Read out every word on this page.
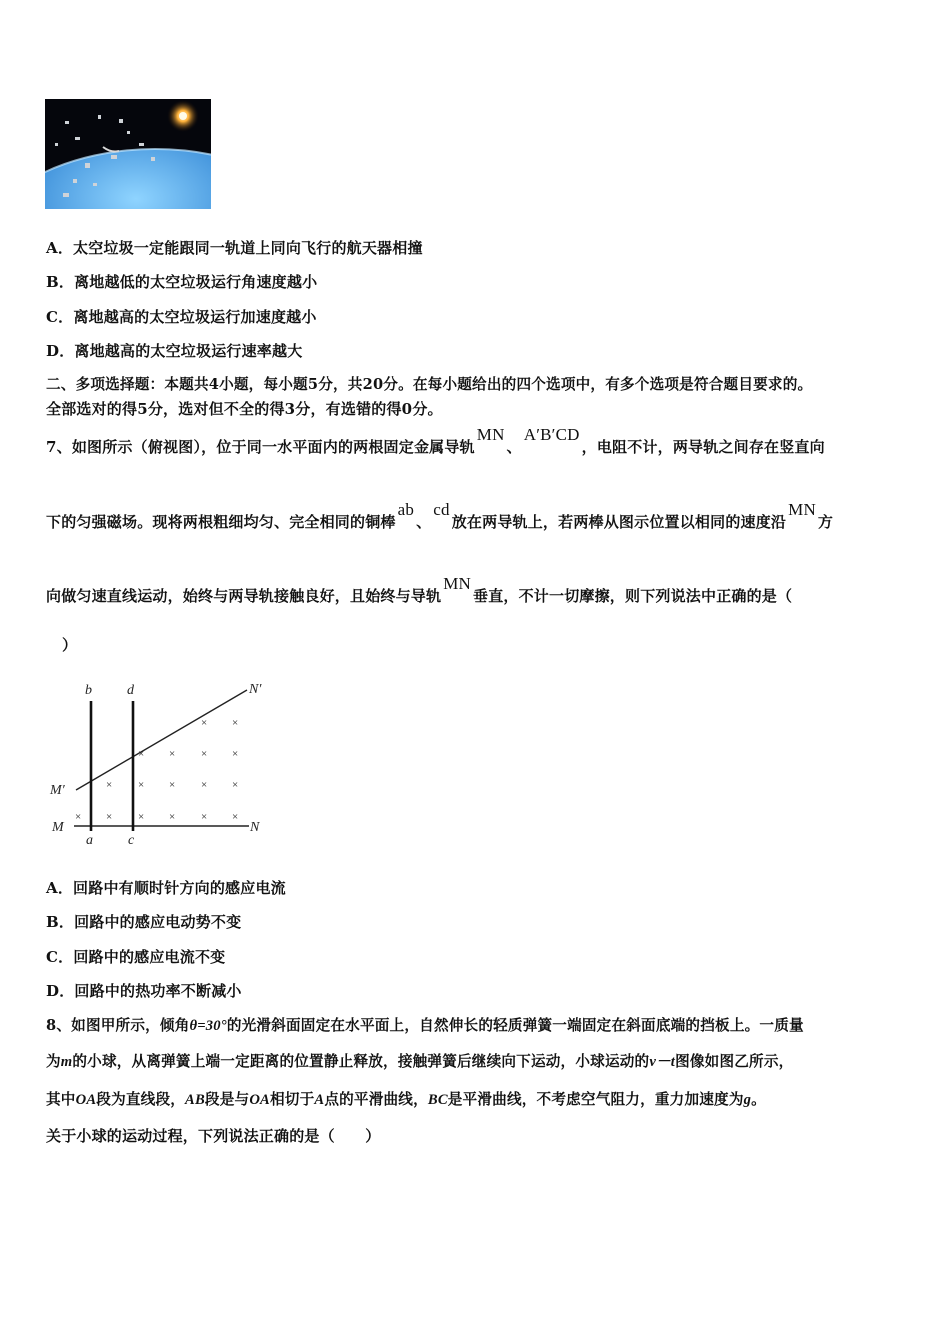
A．太空垃圾一定能跟同一轨道上同向飞行的航天器相撞
B．离地越低的太空垃圾运行角速度越小
C．离地越高的太空垃圾运行加速度越小
D．离地越高的太空垃圾运行速率越大
二、多项选择题：本题共4小题，每小题5分，共20分。在每小题给出的四个选项中，有多个选项是符合题目要求的。
全部选对的得5分，选对但不全的得3分，有选错的得0分。
7、如图所示（俯视图），位于同一水平面内的两根固定金属导轨MN、A′B′CD，电阻不计，两导轨之间存在竖直向
下的匀强磁场。现将两根粗细均匀、完全相同的铜棒ab、cd放在两导轨上，若两棒从图示位置以相同的速度沿MN方
向做匀速直线运动，始终与两导轨接触良好，且始终与导轨MN垂直，不计一切摩擦，则下列说法中正确的是（
）
b	d	N′
M′
M	N
a	c
× ×
× × × ×
× × × × ×
× × × × × ×
A．回路中有顺时针方向的感应电流
B．回路中的感应电动势不变
C．回路中的感应电流不变
D．回路中的热功率不断减小
8、如图甲所示，倾角θ=30°的光滑斜面固定在水平面上，自然伸长的轻质弹簧一端固定在斜面底端的挡板上。一质量
为m的小球，从离弹簧上端一定距离的位置静止释放，接触弹簧后继续向下运动，小球运动的v－t图像如图乙所示，
其中OA段为直线段，AB段是与OA相切于A点的平滑曲线，BC是平滑曲线，不考虑空气阻力，重力加速度为g。
关于小球的运动过程，下列说法正确的是（　　）
